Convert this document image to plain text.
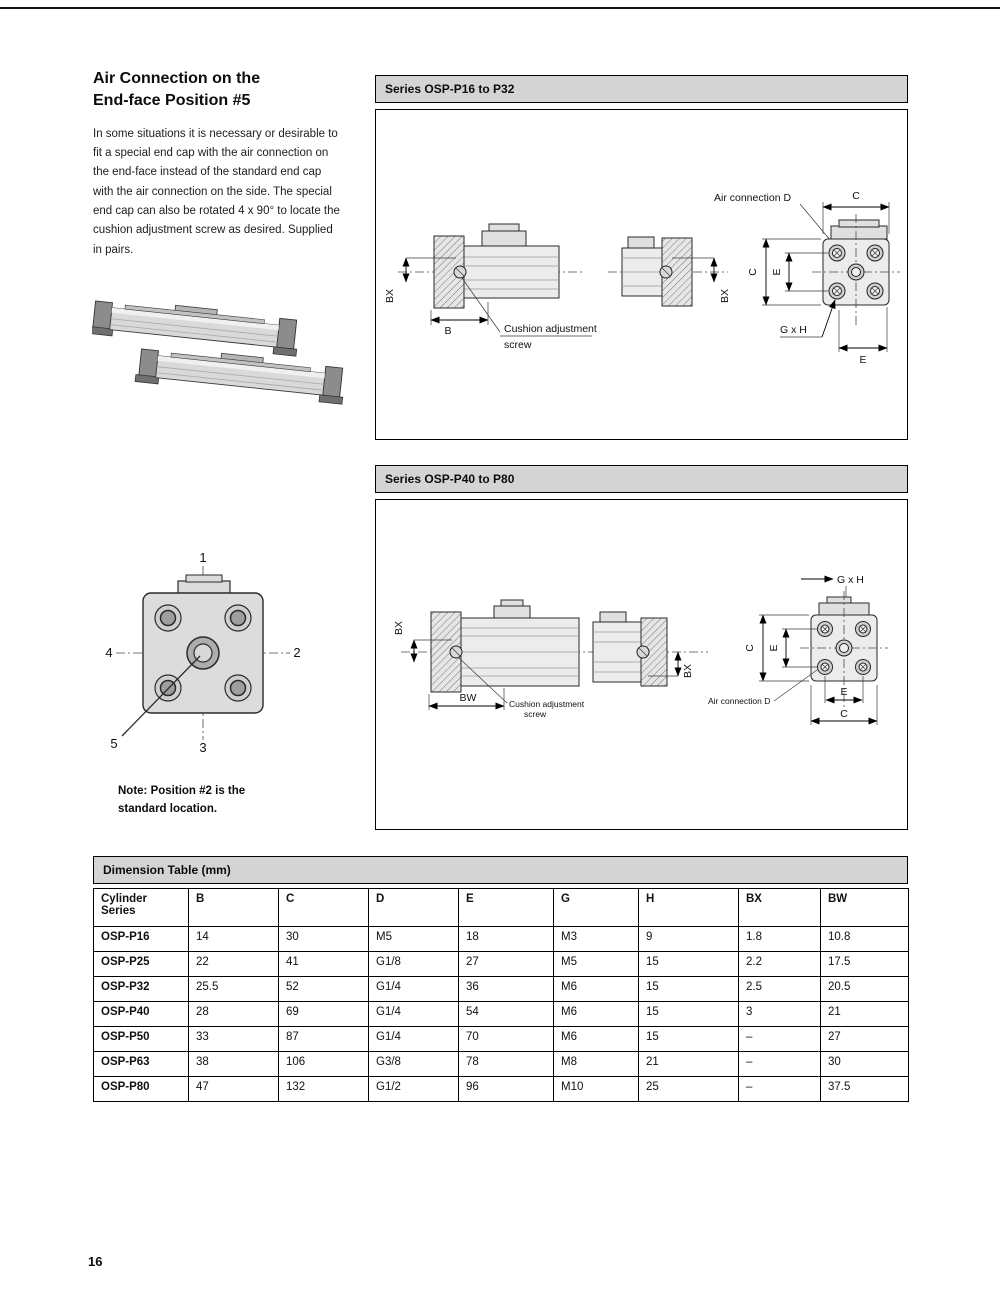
Air Connection on the
End-face Position #5

In some situations it is necessary or desirable to fit a special end cap with the air connection on the end-face instead of the standard end cap with the air connection on the side. The special end cap can also be rotated 4 x 90° to locate the cushion adjustment screw as desired. Supplied in pairs.

1
2
3
4
5
Note: Position #2 is the
standard location.
Series OSP-P16 to P32
BX
B	Cushion adjustment
screw
BX
C
Air connection D
C E
G x H
E
Series OSP-P40 to P80
G x H
BX
BW	Cushion adjustment
screw
BX
C E
Air connection D
E
C
Dimension Table (mm)
Cylinder Series	B	C	D	E	G	H	BX	BW
OSP-P16	14	30	M5	18	M3	9	1.8	10.8
OSP-P25	22	41	G1/8	27	M5	15	2.2	17.5
OSP-P32	25.5	52	G1/4	36	M6	15	2.5	20.5
OSP-P40	28	69	G1/4	54	M6	15	3	21
OSP-P50	33	87	G1/4	70	M6	15	–	27
OSP-P63	38	106	G3/8	78	M8	21	–	30
OSP-P80	47	132	G1/2	96	M10	25	–	37.5
16
